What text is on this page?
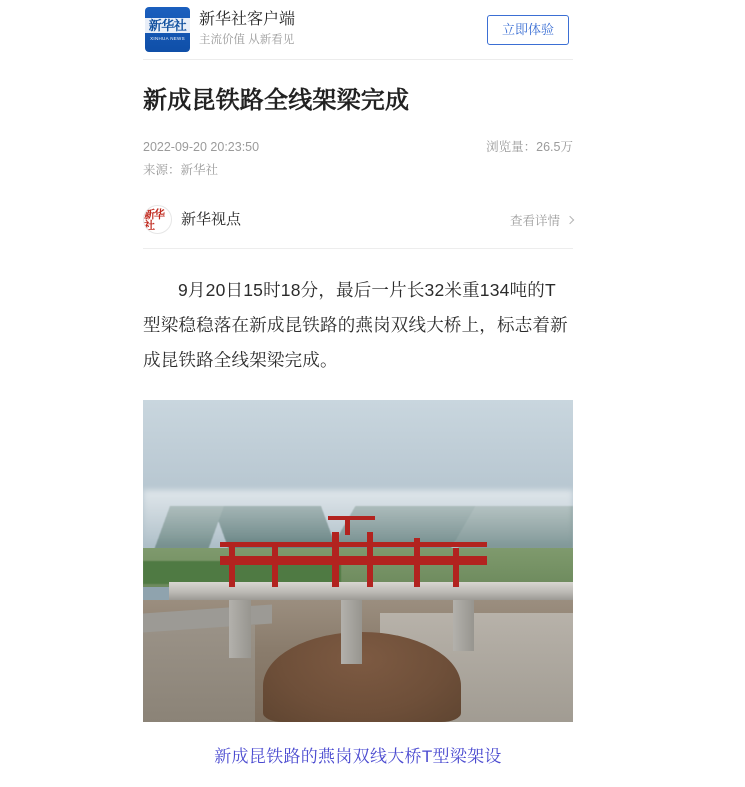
新华社
XINHUA NEWS
新华社客户端
主流价值 从新看见
立即体验
新成昆铁路全线架梁完成
2022-09-20 20:23:50	浏览量：26.5万
来源：新华社
新华社	新华视点	查看详情

9月20日15时18分，最后一片长32米重134吨的T型梁稳稳落在新成昆铁路的燕岗双线大桥上，标志着新成昆铁路全线架梁完成。

新成昆铁路的燕岗双线大桥T型梁架设
